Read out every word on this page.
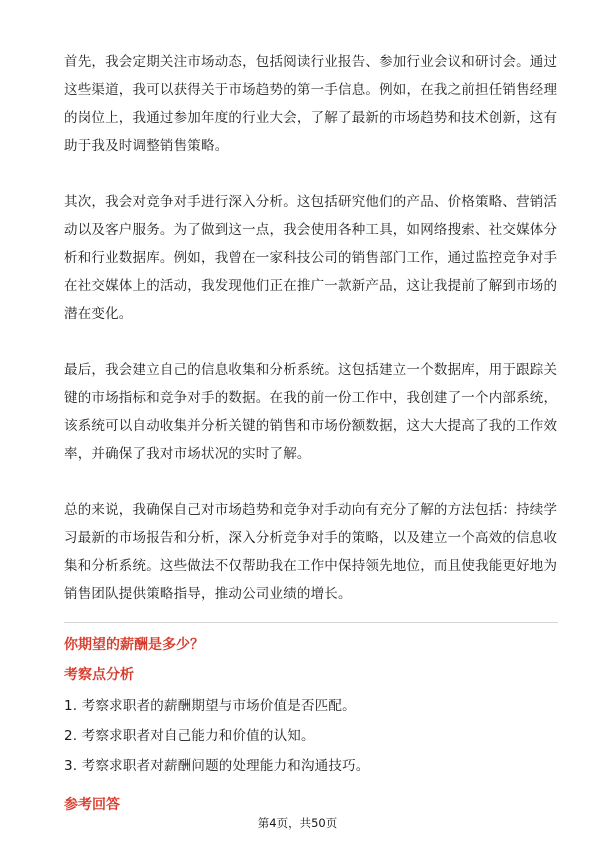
首先，我会定期关注市场动态，包括阅读行业报告、参加行业会议和研讨会。通过这些渠道，我可以获得关于市场趋势的第一手信息。例如，在我之前担任销售经理的岗位上，我通过参加年度的行业大会，了解了最新的市场趋势和技术创新，这有助于我及时调整销售策略。

其次，我会对竞争对手进行深入分析。这包括研究他们的产品、价格策略、营销活动以及客户服务。为了做到这一点，我会使用各种工具，如网络搜索、社交媒体分析和行业数据库。例如，我曾在一家科技公司的销售部门工作，通过监控竞争对手在社交媒体上的活动，我发现他们正在推广一款新产品，这让我提前了解到市场的潜在变化。

最后，我会建立自己的信息收集和分析系统。这包括建立一个数据库，用于跟踪关键的市场指标和竞争对手的数据。在我的前一份工作中，我创建了一个内部系统，该系统可以自动收集并分析关键的销售和市场份额数据，这大大提高了我的工作效率，并确保了我对市场状况的实时了解。

总的来说，我确保自己对市场趋势和竞争对手动向有充分了解的方法包括：持续学习最新的市场报告和分析，深入分析竞争对手的策略，以及建立一个高效的信息收集和分析系统。这些做法不仅帮助我在工作中保持领先地位，而且使我能更好地为销售团队提供策略指导，推动公司业绩的增长。

你期望的薪酬是多少？
考察点分析
1. 考察求职者的薪酬期望与市场价值是否匹配。
2. 考察求职者对自己能力和价值的认知。
3. 考察求职者对薪酬问题的处理能力和沟通技巧。
参考回答
第4页，共50页
